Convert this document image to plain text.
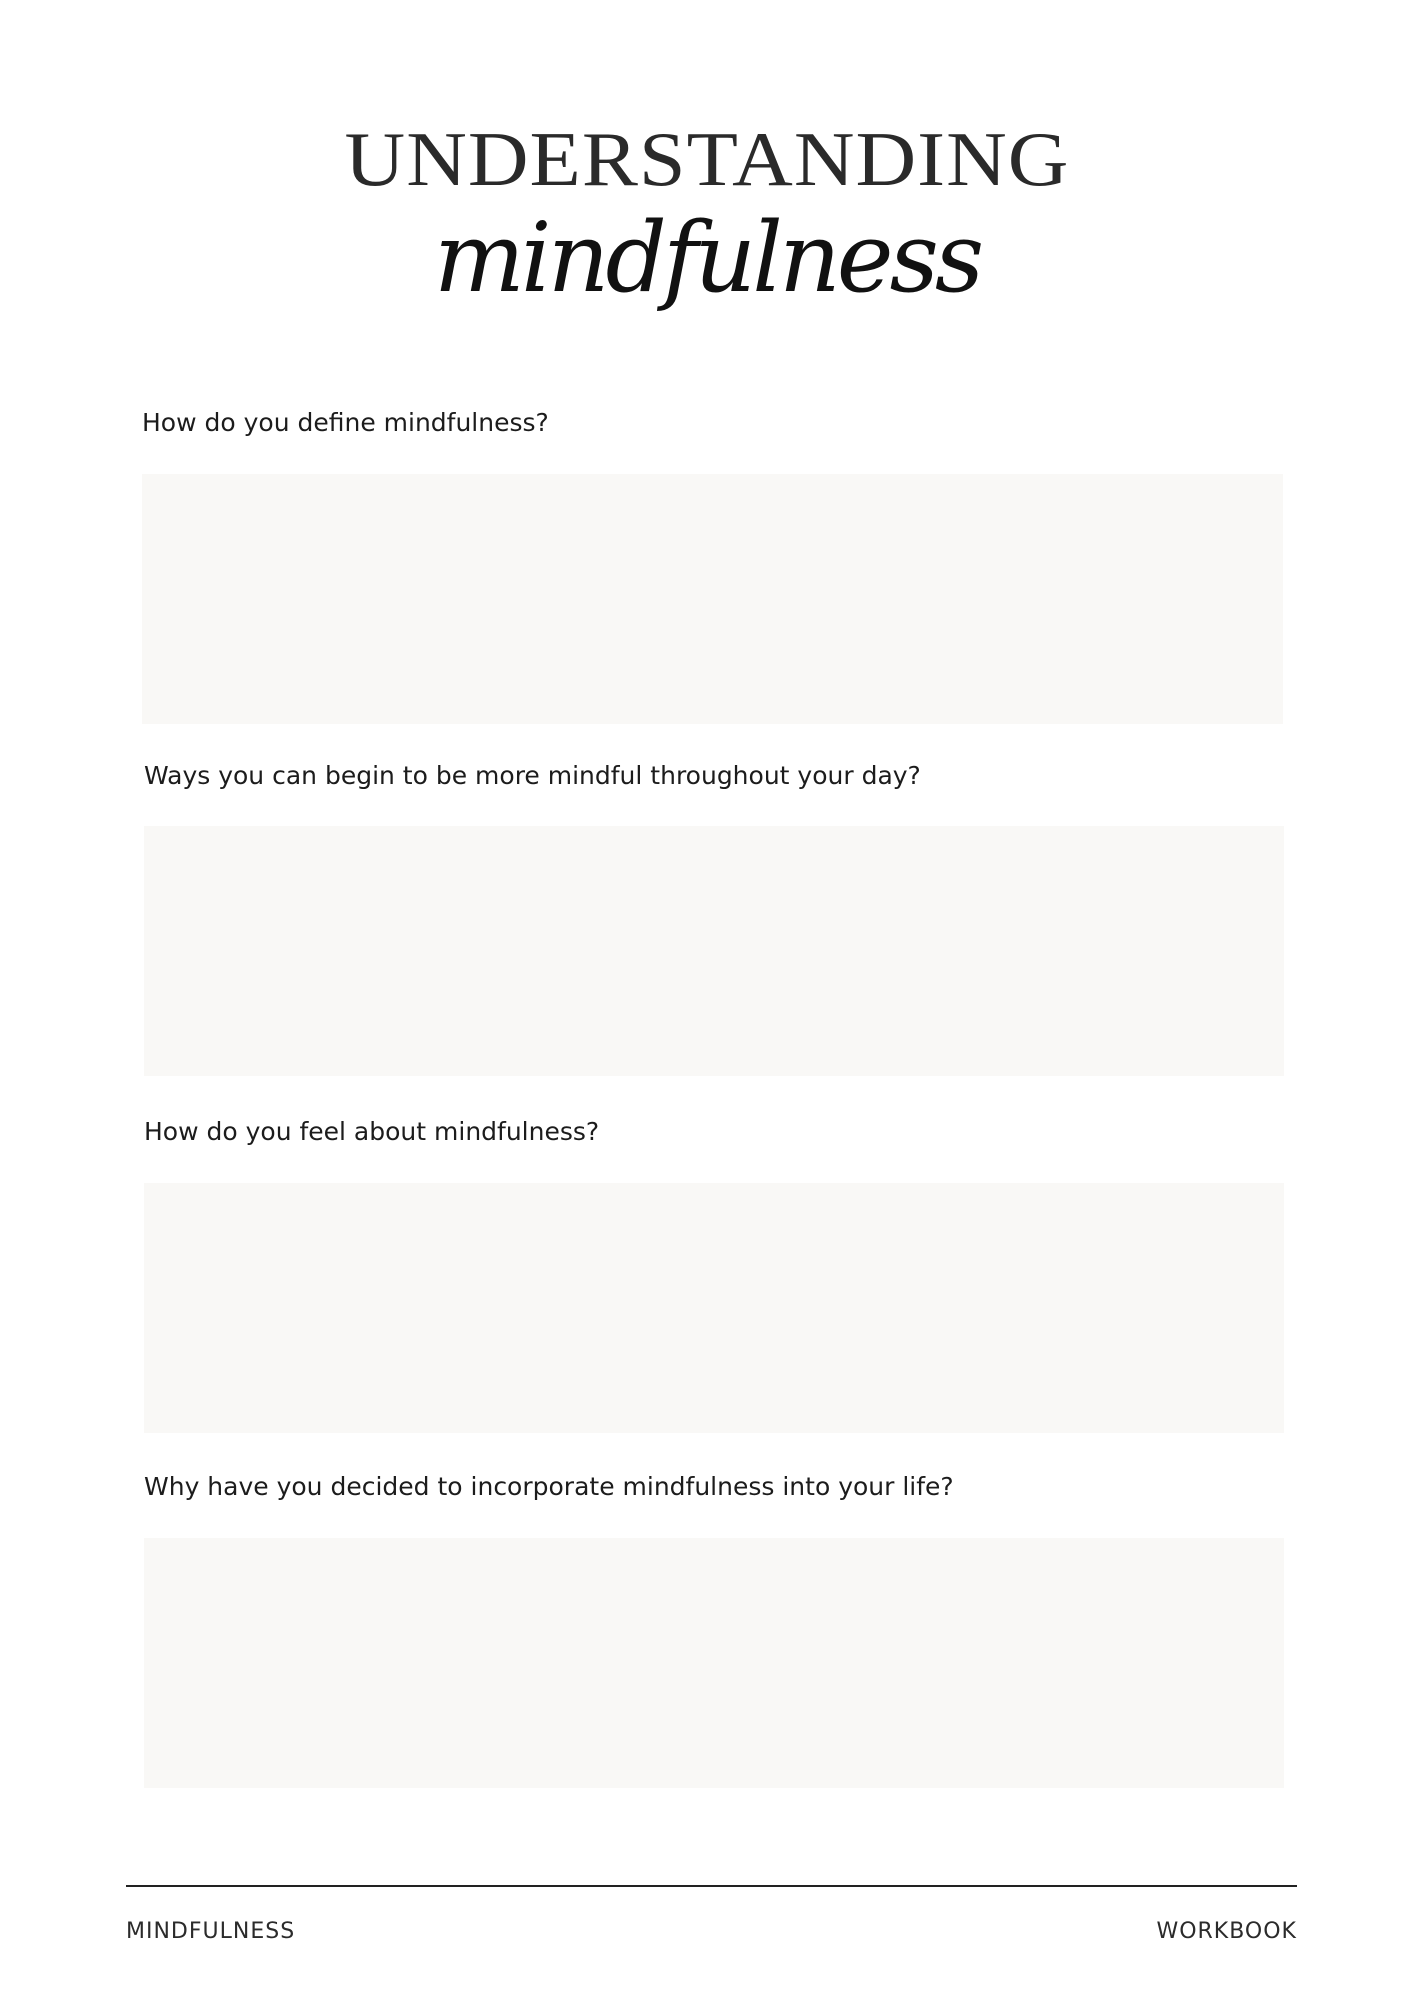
UNDERSTANDING
mindfulness
How do you define mindfulness?
Ways you can begin to be more mindful throughout your day?
How do you feel about mindfulness?
Why have you decided to incorporate mindfulness into your life?
MINDFULNESS	WORKBOOK
